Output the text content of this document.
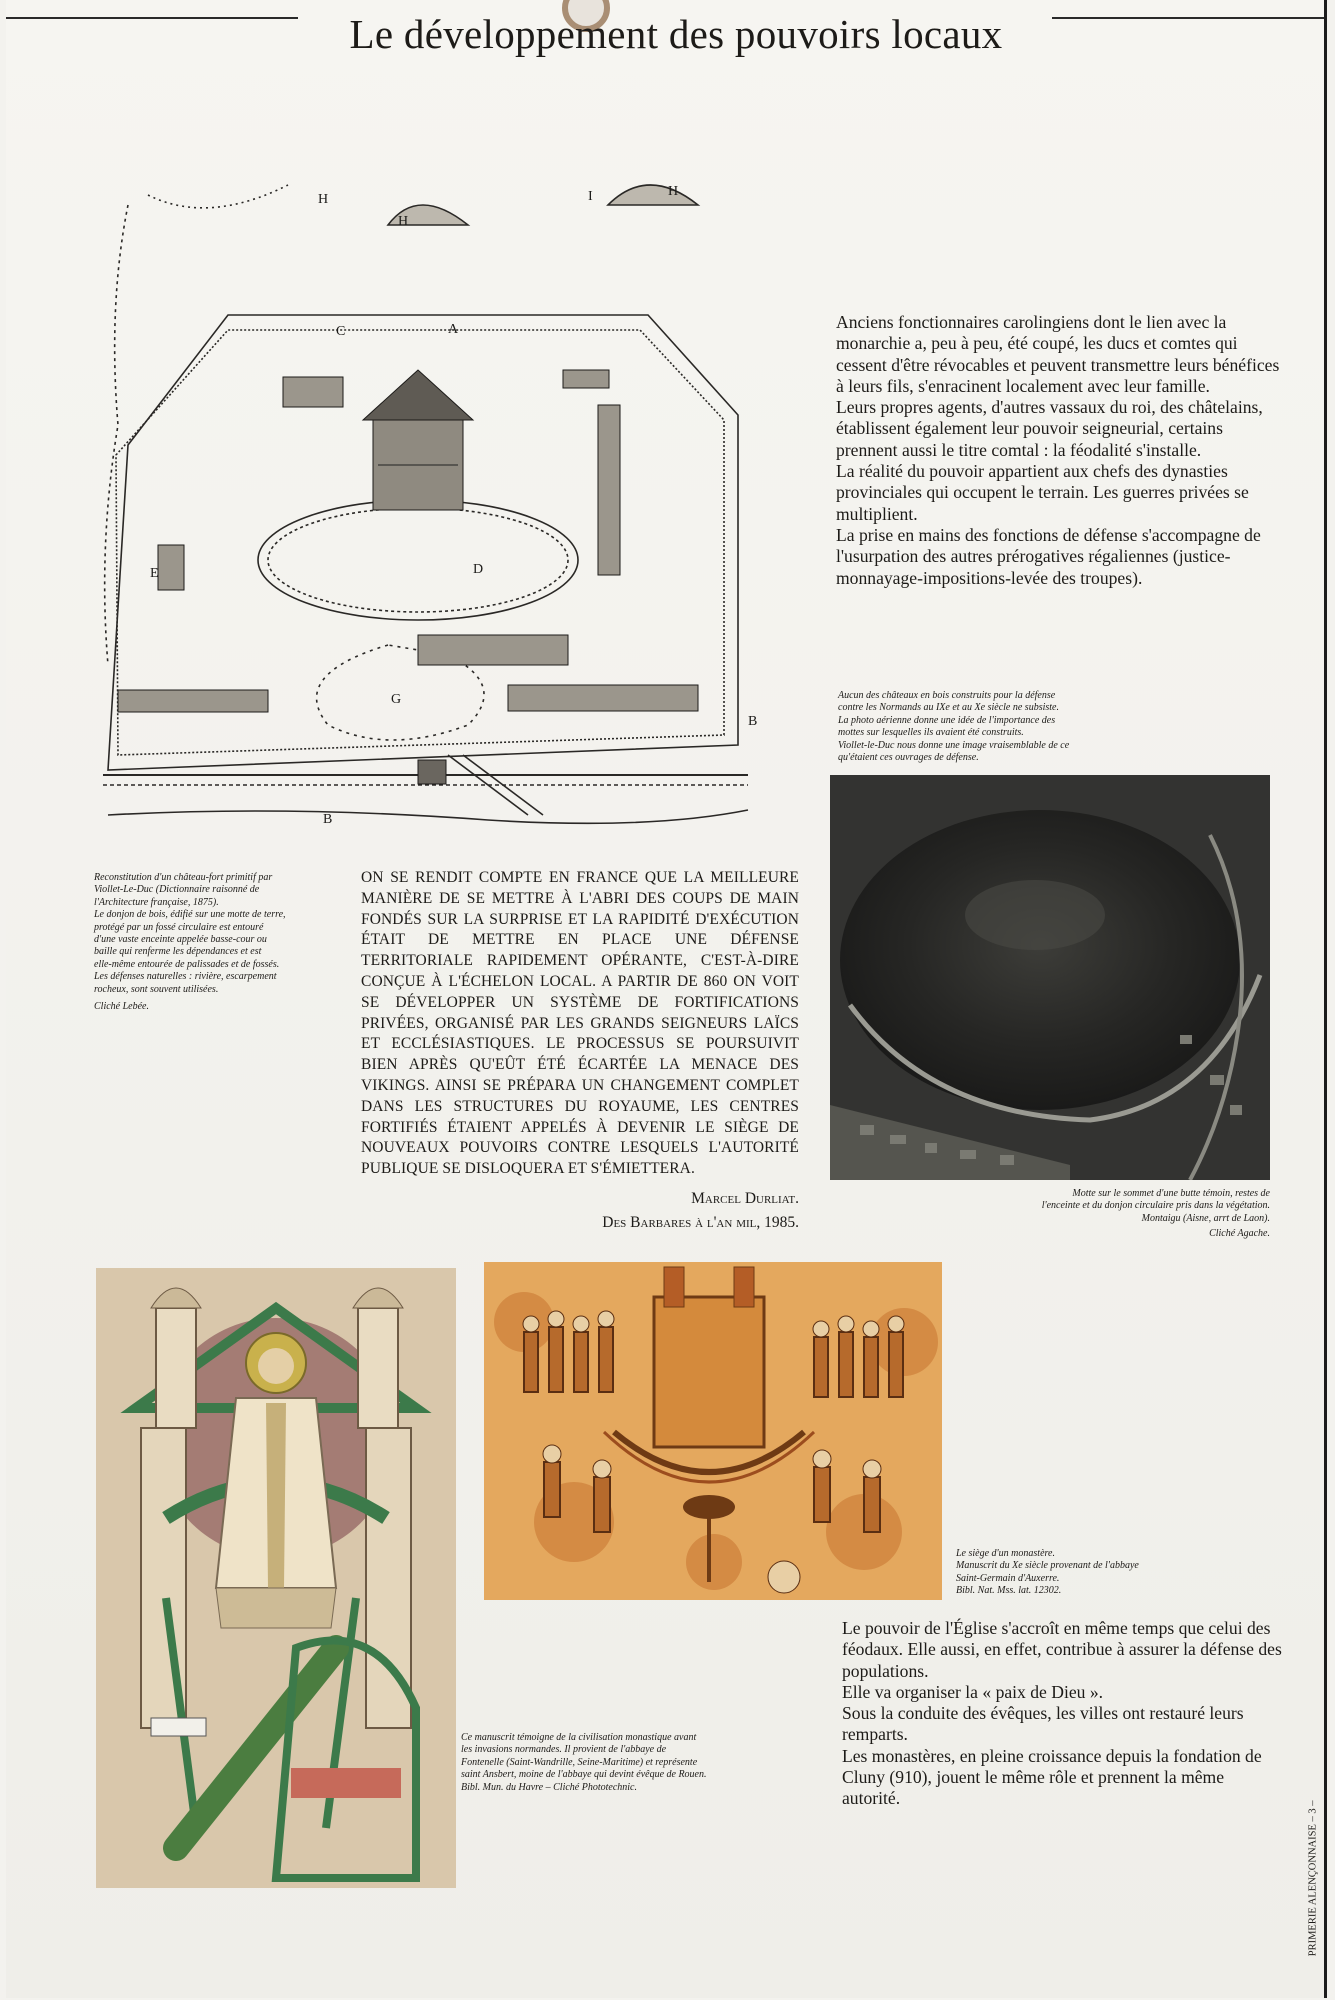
Le développement des pouvoirs locaux
H
H	I	H
C	A
E	D
G
B
B

Anciens fonctionnaires carolingiens dont le lien avec la monarchie a, peu à peu, été coupé, les ducs et comtes qui cessent d'être révocables et peuvent transmettre leurs bénéfices à leurs fils, s'enracinent localement avec leur famille.

Leurs propres agents, d'autres vassaux du roi, des châtelains, établissent également leur pouvoir seigneurial, certains prennent aussi le titre comtal : la féodalité s'installe.

La réalité du pouvoir appartient aux chefs des dynasties provinciales qui occupent le terrain. Les guerres privées se multiplient.

La prise en mains des fonctions de défense s'accompagne de l'usurpation des autres prérogatives régaliennes (justice-monnayage-impositions-levée des troupes).

Aucun des châteaux en bois construits pour la défense

contre les Normands au IXe et au Xe siècle ne subsiste.

La photo aérienne donne une idée de l'importance des

mottes sur lesquelles ils avaient été construits.

Viollet-le-Duc nous donne une image vraisemblable de ce

qu'étaient ces ouvrages de défense.

Motte sur le sommet d'une butte témoin, restes de

l'enceinte et du donjon circulaire pris dans la végétation.

Montaigu (Aisne, arrt de Laon).

Cliché Agache.

Reconstitution d'un château-fort primitif par

Viollet-Le-Duc (Dictionnaire raisonné de

l'Architecture française, 1875).

Le donjon de bois, édifié sur une motte de terre,

protégé par un fossé circulaire est entouré

d'une vaste enceinte appelée basse-cour ou

baille qui renferme les dépendances et est

elle-même entourée de palissades et de fossés.

Les défenses naturelles : rivière, escarpement

rocheux, sont souvent utilisées.

Cliché Lebée.

ON SE RENDIT COMPTE EN FRANCE QUE LA MEILLEURE MANIÈRE DE SE METTRE À L'ABRI DES COUPS DE MAIN FONDÉS SUR LA SURPRISE ET LA RAPIDITÉ D'EXÉCUTION ÉTAIT DE METTRE EN PLACE UNE DÉFENSE TERRITORIALE RAPIDEMENT OPÉRANTE, C'EST-À-DIRE CONÇUE À L'ÉCHELON LOCAL. A PARTIR DE 860 ON VOIT SE DÉVELOPPER UN SYSTÈME DE FORTIFICATIONS PRIVÉES, ORGANISÉ PAR LES GRANDS SEIGNEURS LAÏCS ET ECCLÉSIASTIQUES. LE PROCESSUS SE POURSUIVIT BIEN APRÈS QU'EÛT ÉTÉ ÉCARTÉE LA MENACE DES VIKINGS. AINSI SE PRÉPARA UN CHANGEMENT COMPLET DANS LES STRUCTURES DU ROYAUME, LES CENTRES FORTIFIÉS ÉTAIENT APPELÉS À DEVENIR LE SIÈGE DE NOUVEAUX POUVOIRS CONTRE LESQUELS L'AUTORITÉ PUBLIQUE SE DISLOQUERA ET S'ÉMIETTERA.

Marcel Durliat.

Des Barbares à l'an mil, 1985.

Le siège d'un monastère.

Manuscrit du Xe siècle provenant de l'abbaye

Saint-Germain d'Auxerre.

Bibl. Nat. Mss. lat. 12302.

Ce manuscrit témoigne de la civilisation monastique avant

les invasions normandes. Il provient de l'abbaye de

Fontenelle (Saint-Wandrille, Seine-Maritime) et représente

saint Ansbert, moine de l'abbaye qui devint évêque de Rouen.

Bibl. Mun. du Havre – Cliché Phototechnic.

Le pouvoir de l'Église s'accroît en même temps que celui des féodaux. Elle aussi, en effet, contribue à assurer la défense des populations.

Elle va organiser la « paix de Dieu ».

Sous la conduite des évêques, les villes ont restauré leurs remparts.

Les monastères, en pleine croissance depuis la fondation de Cluny (910), jouent le même rôle et prennent la même autorité.

PRIMERIE ALENÇONNAISE – 3 –
